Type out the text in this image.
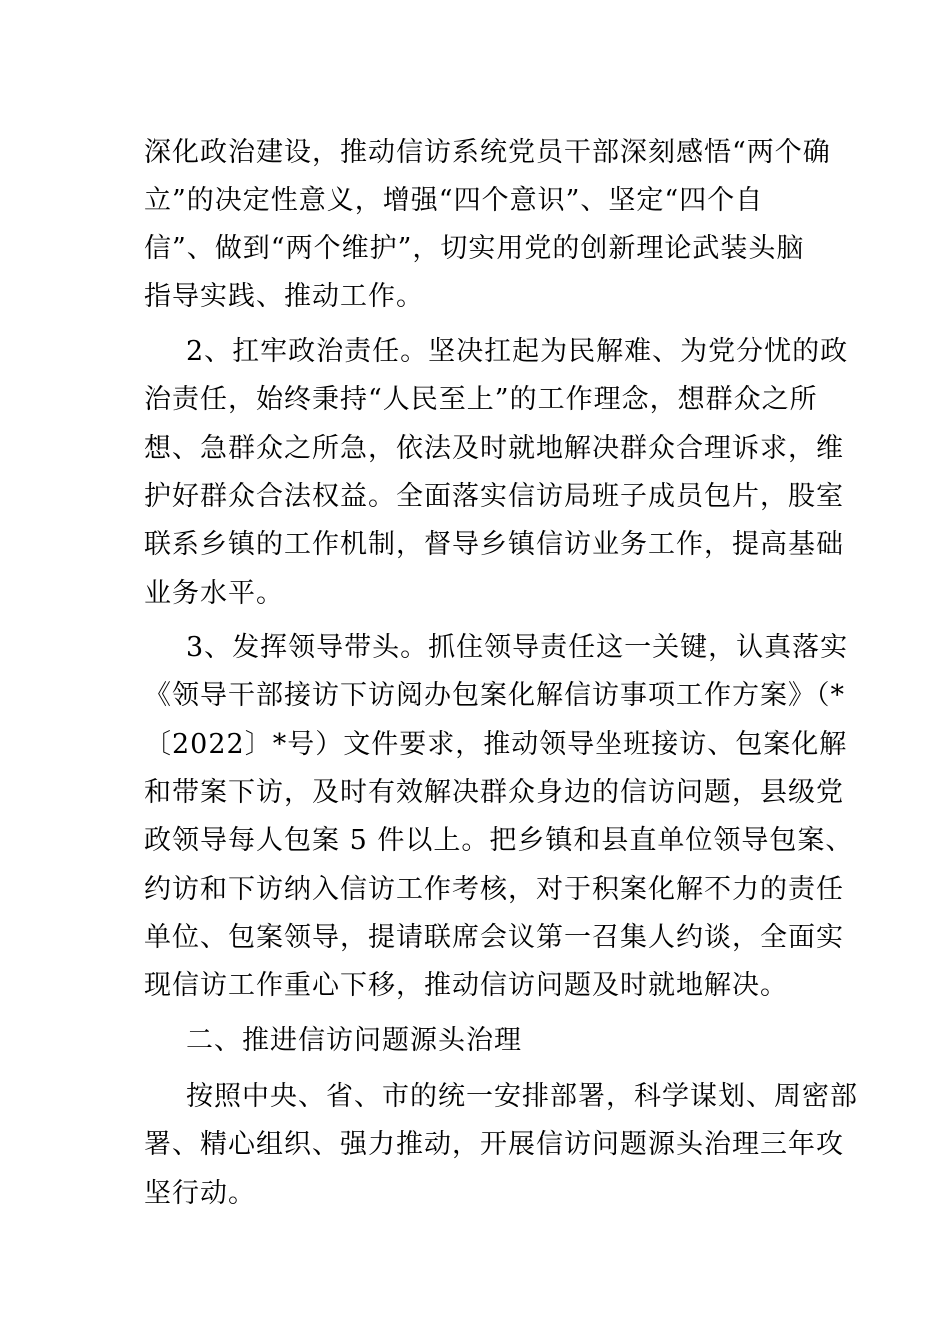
深化政治建设，推动信访系统党员干部深刻感悟“两个确
立”的决定性意义，增强“四个意识”、坚定“四个自
信”、做到“两个维护”，切实用党的创新理论武装头脑
指导实践、推动工作。
2、扛牢政治责任。坚决扛起为民解难、为党分忧的政
治责任，始终秉持“人民至上”的工作理念，想群众之所
想、急群众之所急，依法及时就地解决群众合理诉求，维
护好群众合法权益。全面落实信访局班子成员包片，股室
联系乡镇的工作机制，督导乡镇信访业务工作，提高基础
业务水平。
3、发挥领导带头。抓住领导责任这一关键，认真落实
《领导干部接访下访阅办包案化解信访事项工作方案》（*
〔2022〕*号）文件要求，推动领导坐班接访、包案化解
和带案下访，及时有效解决群众身边的信访问题，县级党
政领导每人包案 5 件以上。把乡镇和县直单位领导包案、
约访和下访纳入信访工作考核，对于积案化解不力的责任
单位、包案领导，提请联席会议第一召集人约谈，全面实
现信访工作重心下移，推动信访问题及时就地解决。
二、推进信访问题源头治理
按照中央、省、市的统一安排部署，科学谋划、周密部
署、精心组织、强力推动，开展信访问题源头治理三年攻
坚行动。
